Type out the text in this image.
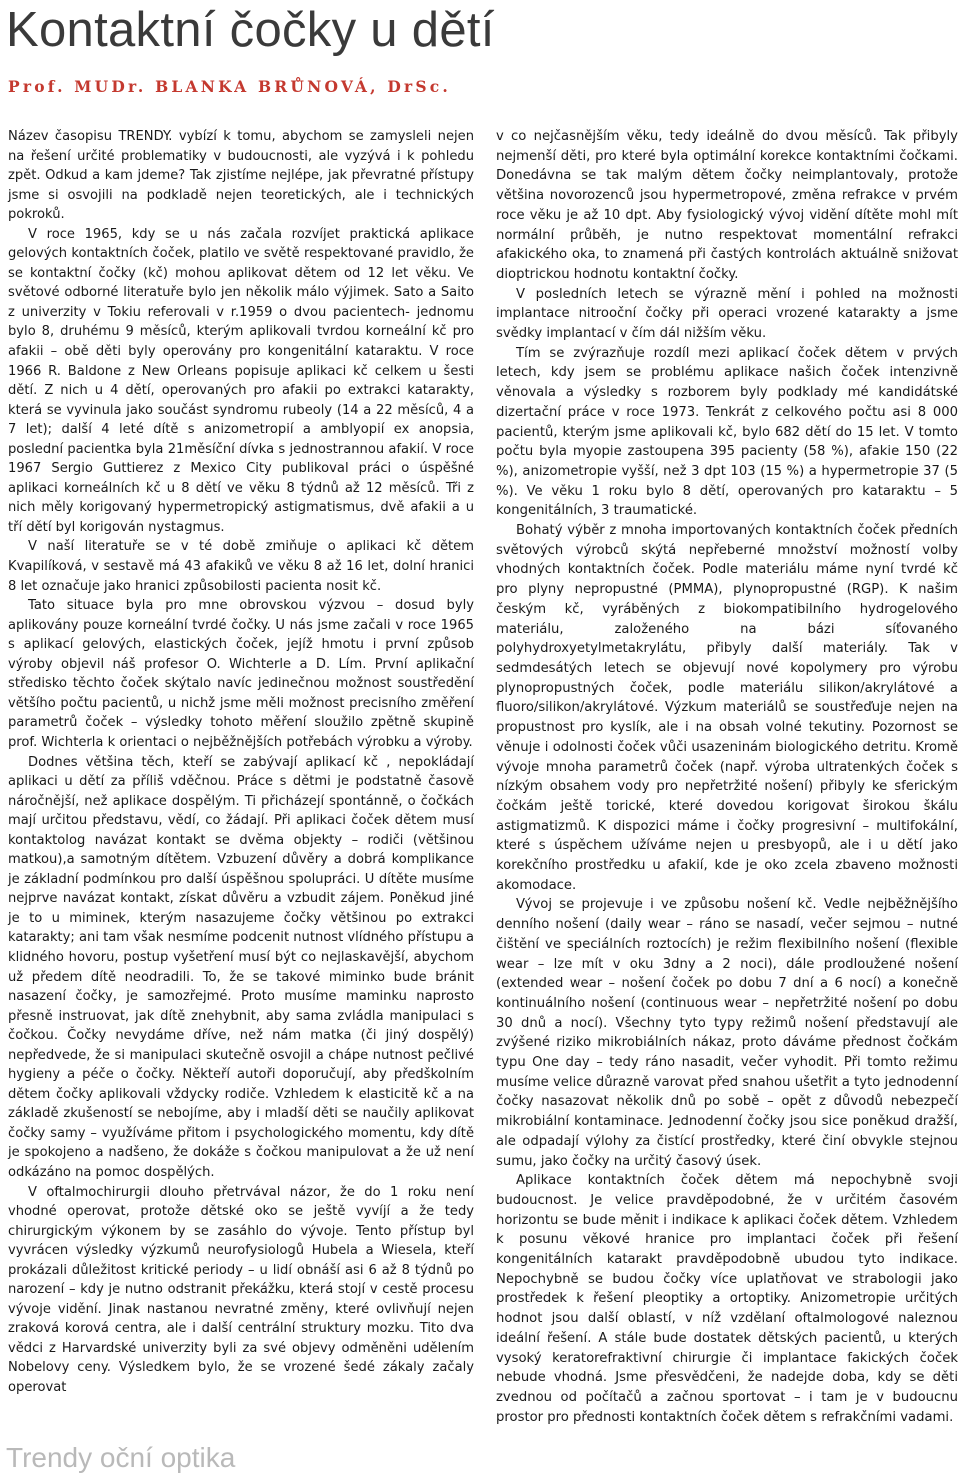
Kontaktní čočky u dětí
Prof. MUDr. BLANKA BRŮNOVÁ, DrSc.

Název časopisu TRENDY. vybízí k tomu, abychom se zamysleli nejen na řešení určité problematiky v budoucnosti, ale vyzývá i k pohledu zpět. Odkud a kam jdeme? Tak zjistíme nejlépe, jak převratné přístupy jsme si osvojili na podkladě nejen teoretických, ale i technických pokroků.

V roce 1965, kdy se u nás začala rozvíjet praktická aplikace gelových kontaktních čoček, platilo ve světě respektované pravidlo, že se kontaktní čočky (kč) mohou aplikovat dětem od 12 let věku. Ve světové odborné literatuře bylo jen několik málo výjimek. Sato a Saito z univerzity v Tokiu referovali v r.1959 o dvou pacientech- jednomu bylo 8, druhému 9 měsíců, kterým aplikovali tvrdou korneální kč pro afakii – obě děti byly operovány pro kongenitální kataraktu. V roce 1966 R. Baldone z New Orleans popisuje aplikaci kč celkem u šesti dětí. Z nich u 4 dětí, operovaných pro afakii po extrakci katarakty, která se vyvinula jako součást syndromu rubeoly (14 a 22 měsíců, 4 a 7 let); další 4 leté dítě s anizometropií a amblyopií ex anopsia, poslední pacientka byla 21měsíční dívka s jednostrannou afakií. V roce 1967 Sergio Guttierez z Mexico City publikoval práci o úspěšné aplikaci korneálních kč u 8 dětí ve věku 8 týdnů až 12 měsíců. Tři z nich měly korigovaný hypermetropický astigmatismus, dvě afakii a u tří dětí byl korigován nystagmus.

V naší literatuře se v té době zmiňuje o aplikaci kč dětem Kvapilíková, v sestavě má 43 afakiků ve věku 8 až 16 let, dolní hranici 8 let označuje jako hranici způsobilosti pacienta nosit kč.

Tato situace byla pro mne obrovskou výzvou – dosud byly aplikovány pouze korneální tvrdé čočky. U nás jsme začali v roce 1965 s aplikací gelových, elastických čoček, jejíž hmotu i první způsob výroby objevil náš profesor O. Wichterle a D. Lím. První aplikační středisko těchto čoček skýtalo navíc jedinečnou možnost soustředění většího počtu pacientů, u nichž jsme měli možnost precisního změření parametrů čoček – výsledky tohoto měření sloužilo zpětně skupině prof. Wichterla k orientaci o nejběžnějších potřebách výrobku a výroby.

Dodnes většina těch, kteří se zabývají aplikací kč , nepokládají aplikaci u dětí za příliš vděčnou. Práce s dětmi je podstatně časově náročnější, než aplikace dospělým. Ti přicházejí spontánně, o čočkách mají určitou představu, vědí, co žádají. Při aplikaci čoček dětem musí kontaktolog navázat kontakt se dvěma objekty – rodiči (většinou matkou),a samotným dítětem. Vzbuzení důvěry a dobrá komplikance je základní podmínkou pro další úspěšnou spolupráci. U dítěte musíme nejprve navázat kontakt, získat důvěru a vzbudit zájem. Poněkud jiné je to u miminek, kterým nasazujeme čočky většinou po extrakci katarakty; ani tam však nesmíme podcenit nutnost vlídného přístupu a klidného hovoru, postup vyšetření musí být co nejlaskavější, abychom už předem dítě neodradili. To, že se takové miminko bude bránit nasazení čočky, je samozřejmé. Proto musíme maminku naprosto přesně instruovat, jak dítě znehybnit, aby sama zvládla manipulaci s čočkou. Čočky nevydáme dříve, než nám matka (či jiný dospělý) nepředvede, že si manipulaci skutečně osvojil a chápe nutnost pečlivé hygieny a péče o čočky. Někteří autoři doporučují, aby předškolním dětem čočky aplikovali vždycky rodiče. Vzhledem k elasticitě kč a na základě zkušeností se nebojíme, aby i mladší děti se naučily aplikovat čočky samy – využíváme přitom i psychologického momentu, kdy dítě je spokojeno a nadšeno, že dokáže s čočkou manipulovat a že už není odkázáno na pomoc dospělých.

V oftalmochirurgii dlouho přetrvával názor, že do 1 roku není vhodné operovat, protože dětské oko se ještě vyvíjí a že tedy chirurgickým výkonem by se zasáhlo do vývoje. Tento přístup byl vyvrácen výsledky výzkumů neurofysiologů Hubela a Wiesela, kteří prokázali důležitost kritické periody – u lidí obnáší asi 6 až 8 týdnů po narození – kdy je nutno odstranit překážku, která stojí v cestě procesu vývoje vidění. Jinak nastanou nevratné změny, které ovlivňují nejen zraková korová centra, ale i další centrální struktury mozku. Tito dva vědci z Harvardské univerzity byli za své objevy odměněni udělením Nobelovy ceny. Výsledkem bylo, že se vrozené šedé zákaly začaly operovat

v co nejčasnějším věku, tedy ideálně do dvou měsíců. Tak přibyly nejmenší děti, pro které byla optimální korekce kontaktními čočkami. Donedávna se tak malým dětem čočky neimplantovaly, protože většina novorozenců jsou hypermetropové, změna refrakce v prvém roce věku je až 10 dpt. Aby fysiologický vývoj vidění dítěte mohl mít normální průběh, je nutno respektovat momentální refrakci afakického oka, to znamená při častých kontrolách aktuálně snižovat dioptrickou hodnotu kontaktní čočky.

V posledních letech se výrazně mění i pohled na možnosti implantace nitrooční čočky při operaci vrozené katarakty a jsme svědky implantací v čím dál nižším věku.

Tím se zvýrazňuje rozdíl mezi aplikací čoček dětem v prvých letech, kdy jsem se problému aplikace našich čoček intenzivně věnovala a výsledky s rozborem byly podklady mé kandidátské dizertační práce v roce 1973. Tenkrát z celkového počtu asi 8 000 pacientů, kterým jsme aplikovali kč, bylo 682 dětí do 15 let. V tomto počtu byla myopie zastoupena 395 pacienty (58 %), afakie 150 (22 %), anizometropie vyšší, než 3 dpt 103 (15 %) a hypermetropie 37 (5 %). Ve věku 1 roku bylo 8 dětí, operovaných pro kataraktu – 5 kongenitálních, 3 traumatické.

Bohatý výběr z mnoha importovaných kontaktních čoček předních světových výrobců skýtá nepřeberné množství možností volby vhodných kontaktních čoček. Podle materiálu máme nyní tvrdé kč pro plyny nepropustné (PMMA), plynopropustné (RGP). K našim českým kč, vyráběných z biokompatibilního hydrogelového materiálu, založeného na bázi síťovaného polyhydroxyetylmetakrylátu, přibyly další materiály. Tak v sedmdesátých letech se objevují nové kopolymery pro výrobu plynopropustných čoček, podle materiálu silikon/akrylátové a fluoro/silikon/akrylátové. Výzkum materiálů se soustřeďuje nejen na propustnost pro kyslík, ale i na obsah volné tekutiny. Pozornost se věnuje i odolnosti čoček vůči usazeninám biologického detritu. Kromě vývoje mnoha parametrů čoček (např. výroba ultratenkých čoček s nízkým obsahem vody pro nepřetržité nošení) přibyly ke sferickým čočkám ještě torické, které dovedou korigovat širokou škálu astigmatizmů. K dispozici máme i čočky progresivní – multifokální, které s úspěchem užíváme nejen u presbyopů, ale i u dětí jako korekčního prostředku u afakií, kde je oko zcela zbaveno možnosti akomodace.

Vývoj se projevuje i ve způsobu nošení kč. Vedle nejběžnějšího denního nošení (daily wear – ráno se nasadí, večer sejmou – nutné čištění ve speciálních roztocích) je režim flexibilního nošení (flexible wear – lze mít v oku 3dny a 2 noci), dále prodloužené nošení (extended wear – nošení čoček po dobu 7 dní a 6 nocí) a konečně kontinuálního nošení (continuous wear – nepřetržité nošení po dobu 30 dnů a nocí). Všechny tyto typy režimů nošení představují ale zvýšené riziko mikrobiálních nákaz, proto dáváme přednost čočkám typu One day – tedy ráno nasadit, večer vyhodit. Při tomto režimu musíme velice důrazně varovat před snahou ušetřit a tyto jednodenní čočky nasazovat několik dnů po sobě – opět z důvodů nebezpečí mikrobiální kontaminace. Jednodenní čočky jsou sice poněkud dražší, ale odpadají výlohy za čistící prostředky, které činí obvykle stejnou sumu, jako čočky na určitý časový úsek.

Aplikace kontaktních čoček dětem má nepochybně svoji budoucnost. Je velice pravděpodobné, že v určitém časovém horizontu se bude měnit i indikace k aplikaci čoček dětem. Vzhledem k posunu věkové hranice pro implantaci čoček při řešení kongenitálních katarakt pravděpodobně ubudou tyto indikace. Nepochybně se budou čočky více uplatňovat ve strabologii jako prostředek k řešení pleoptiky a ortoptiky. Anizometropie určitých hodnot jsou další oblastí, v níž vzdělaní oftalmologové naleznou ideální řešení. A stále bude dostatek dětských pacientů, u kterých vysoký keratorefraktivní chirurgie či implantace fakických čoček nebude vhodná. Jsme přesvědčeni, že nadejde doba, kdy se děti zvednou od počítačů a začnou sportovat – i tam je v budoucnu prostor pro přednosti kontaktních čoček dětem s refrakčními vadami.

Trendy oční optika
